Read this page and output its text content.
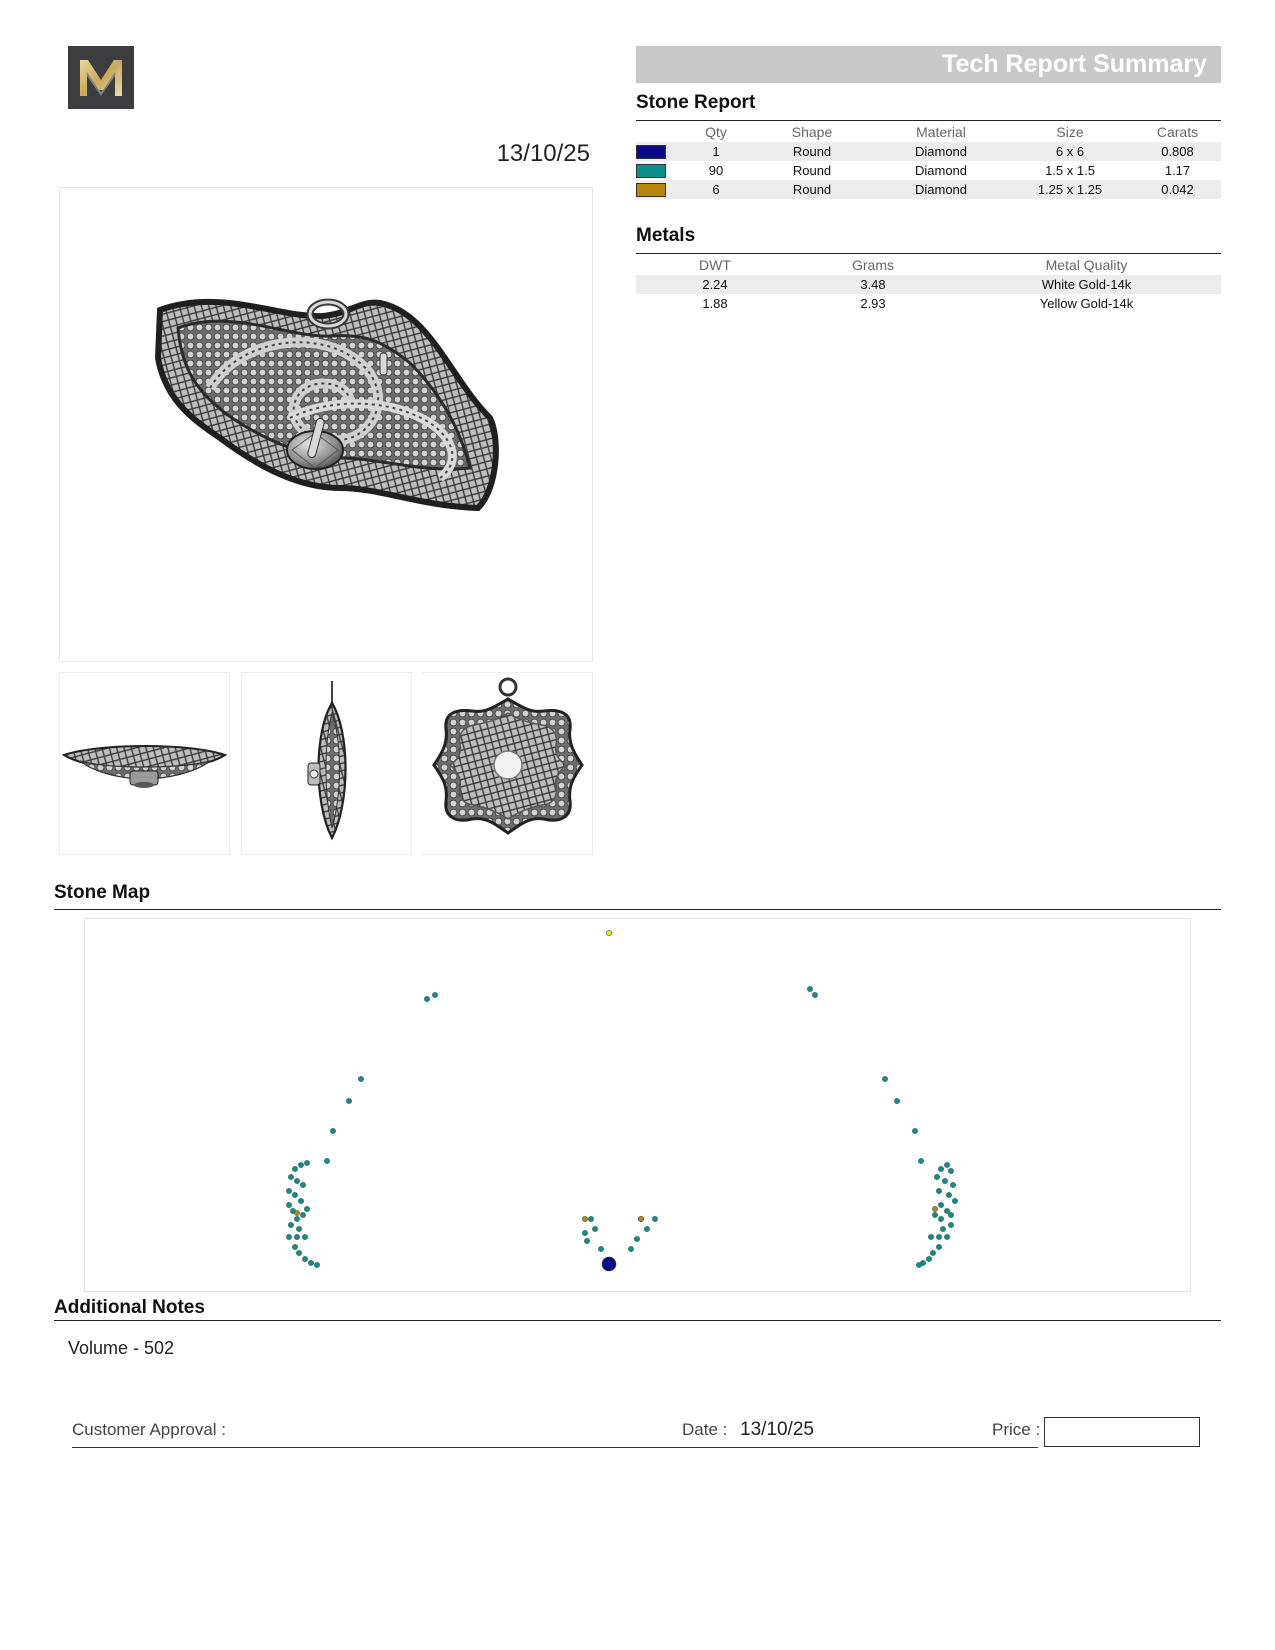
13/10/25
Tech Report Summary
Stone Report
	Qty	Shape	Material	Size	Carats

	1	Round	Diamond	6 x 6	0.808

	90	Round	Diamond	1.5 x 1.5	1.17

	6	Round	Diamond	1.25 x 1.25	0.042
Metals
DWT	Grams	Metal Quality
2.24	3.48	White Gold-14k
1.88	2.93	Yellow Gold-14k
Stone Map
Additional Notes
Volume - 502
Customer Approval :	Date : 13/10/25	Price :
